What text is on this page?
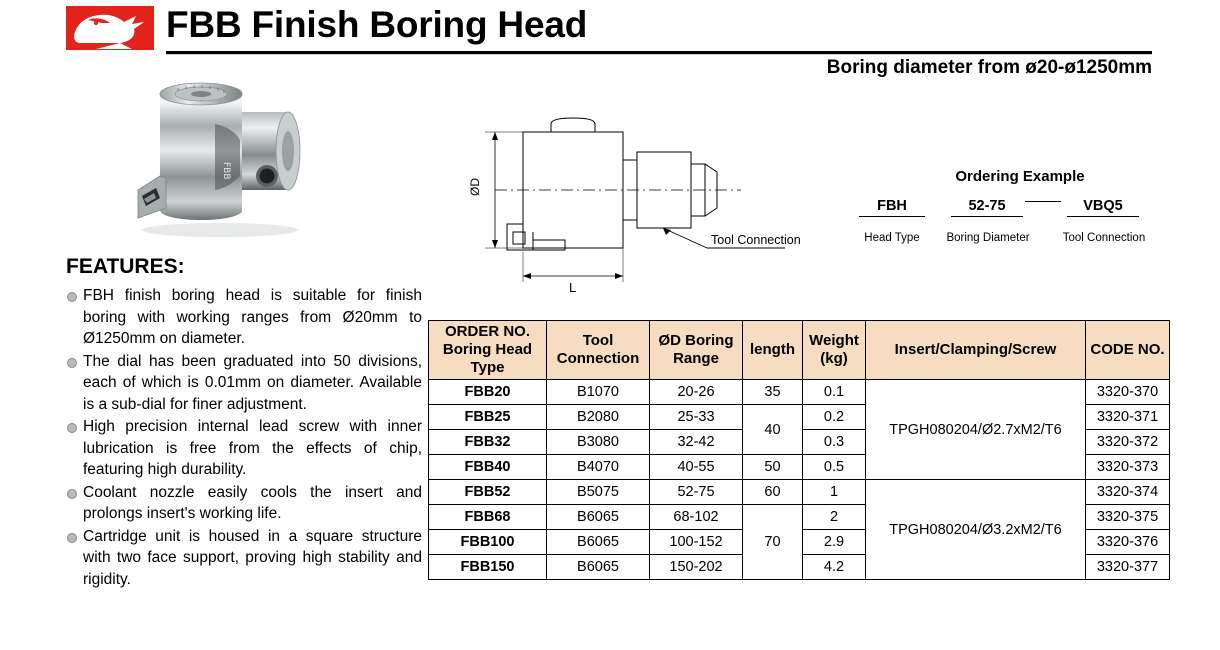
FBB Finish Boring Head
Boring diameter from ø20-ø1250mm
FBB
ØD
L
Tool Connection
Ordering Example
FBH
Head Type
52-75
Boring Diameter
VBQ5
Tool Connection
FEATURES:
FBH finish boring head is suitable for finish boring with working ranges from Ø20mm to Ø1250mm on diameter.
The dial has been graduated into 50 divisions, each of which is 0.01mm on diameter. Available is a sub-dial for finer adjustment.
High precision internal lead screw with inner lubrication is free from the effects of chip, featuring high durability.
Coolant nozzle easily cools the insert and prolongs insert's working life.
Cartridge unit is housed in a square structure with two face support, proving high stability and rigidity.
ORDER NO.
Boring Head Type	Tool Connection	ØD Boring Range	length	Weight (kg)	Insert/Clamping/Screw	CODE NO.
FBB20	B1070	20-26	35	0.1	TPGH080204/Ø2.7xM2/T6	3320-370
FBB25	B2080	25-33	40	0.2		3320-371
FBB32	B3080	32-42		0.3		3320-372
FBB40	B4070	40-55	50	0.5		3320-373
FBB52	B5075	52-75	60	1	TPGH080204/Ø3.2xM2/T6	3320-374
FBB68	B6065	68-102	70	2		3320-375
FBB100	B6065	100-152		2.9		3320-376
FBB150	B6065	150-202		4.2		3320-377
